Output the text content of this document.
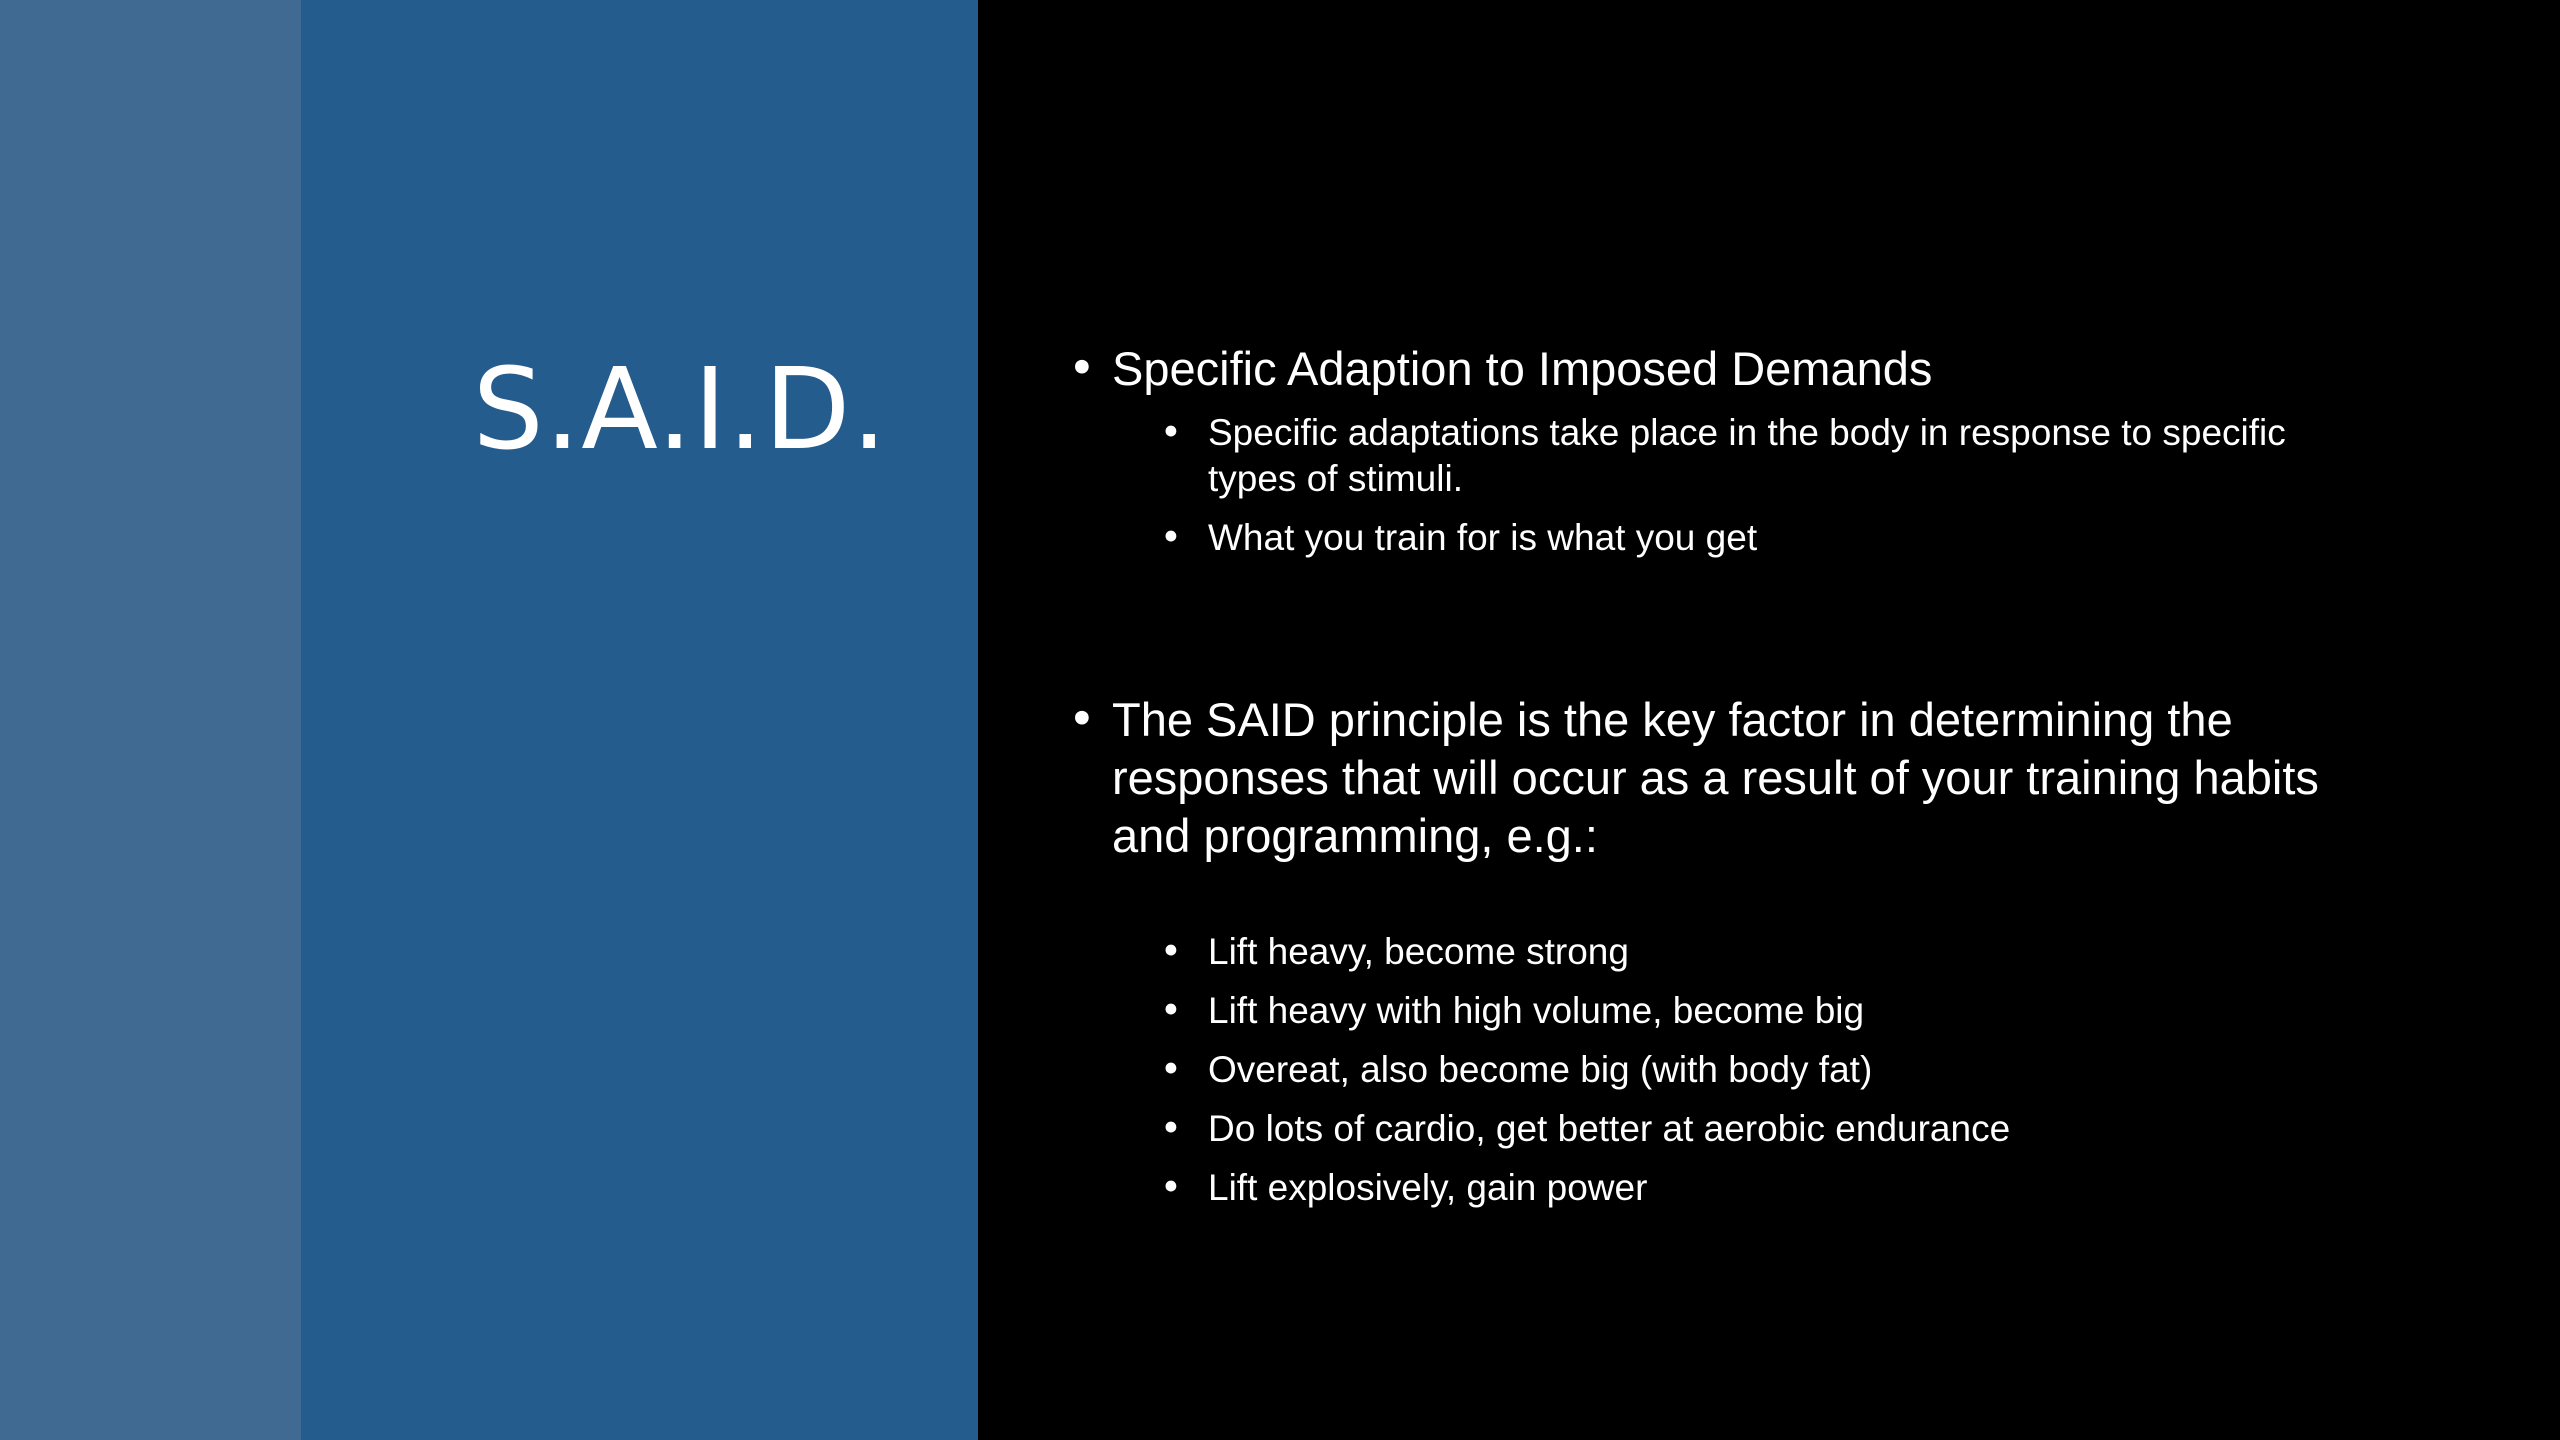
S.A.I.D.	• Specific Adaption to Imposed Demands
• Specific adaptations take place in the body in response to specific types of stimuli.
• What you train for is what you get
• The SAID principle is the key factor in determining the responses that will occur as a result of your training habits and programming, e.g.:
• Lift heavy, become strong
• Lift heavy with high volume, become big
• Overeat, also become big (with body fat)
• Do lots of cardio, get better at aerobic endurance
• Lift explosively, gain power
